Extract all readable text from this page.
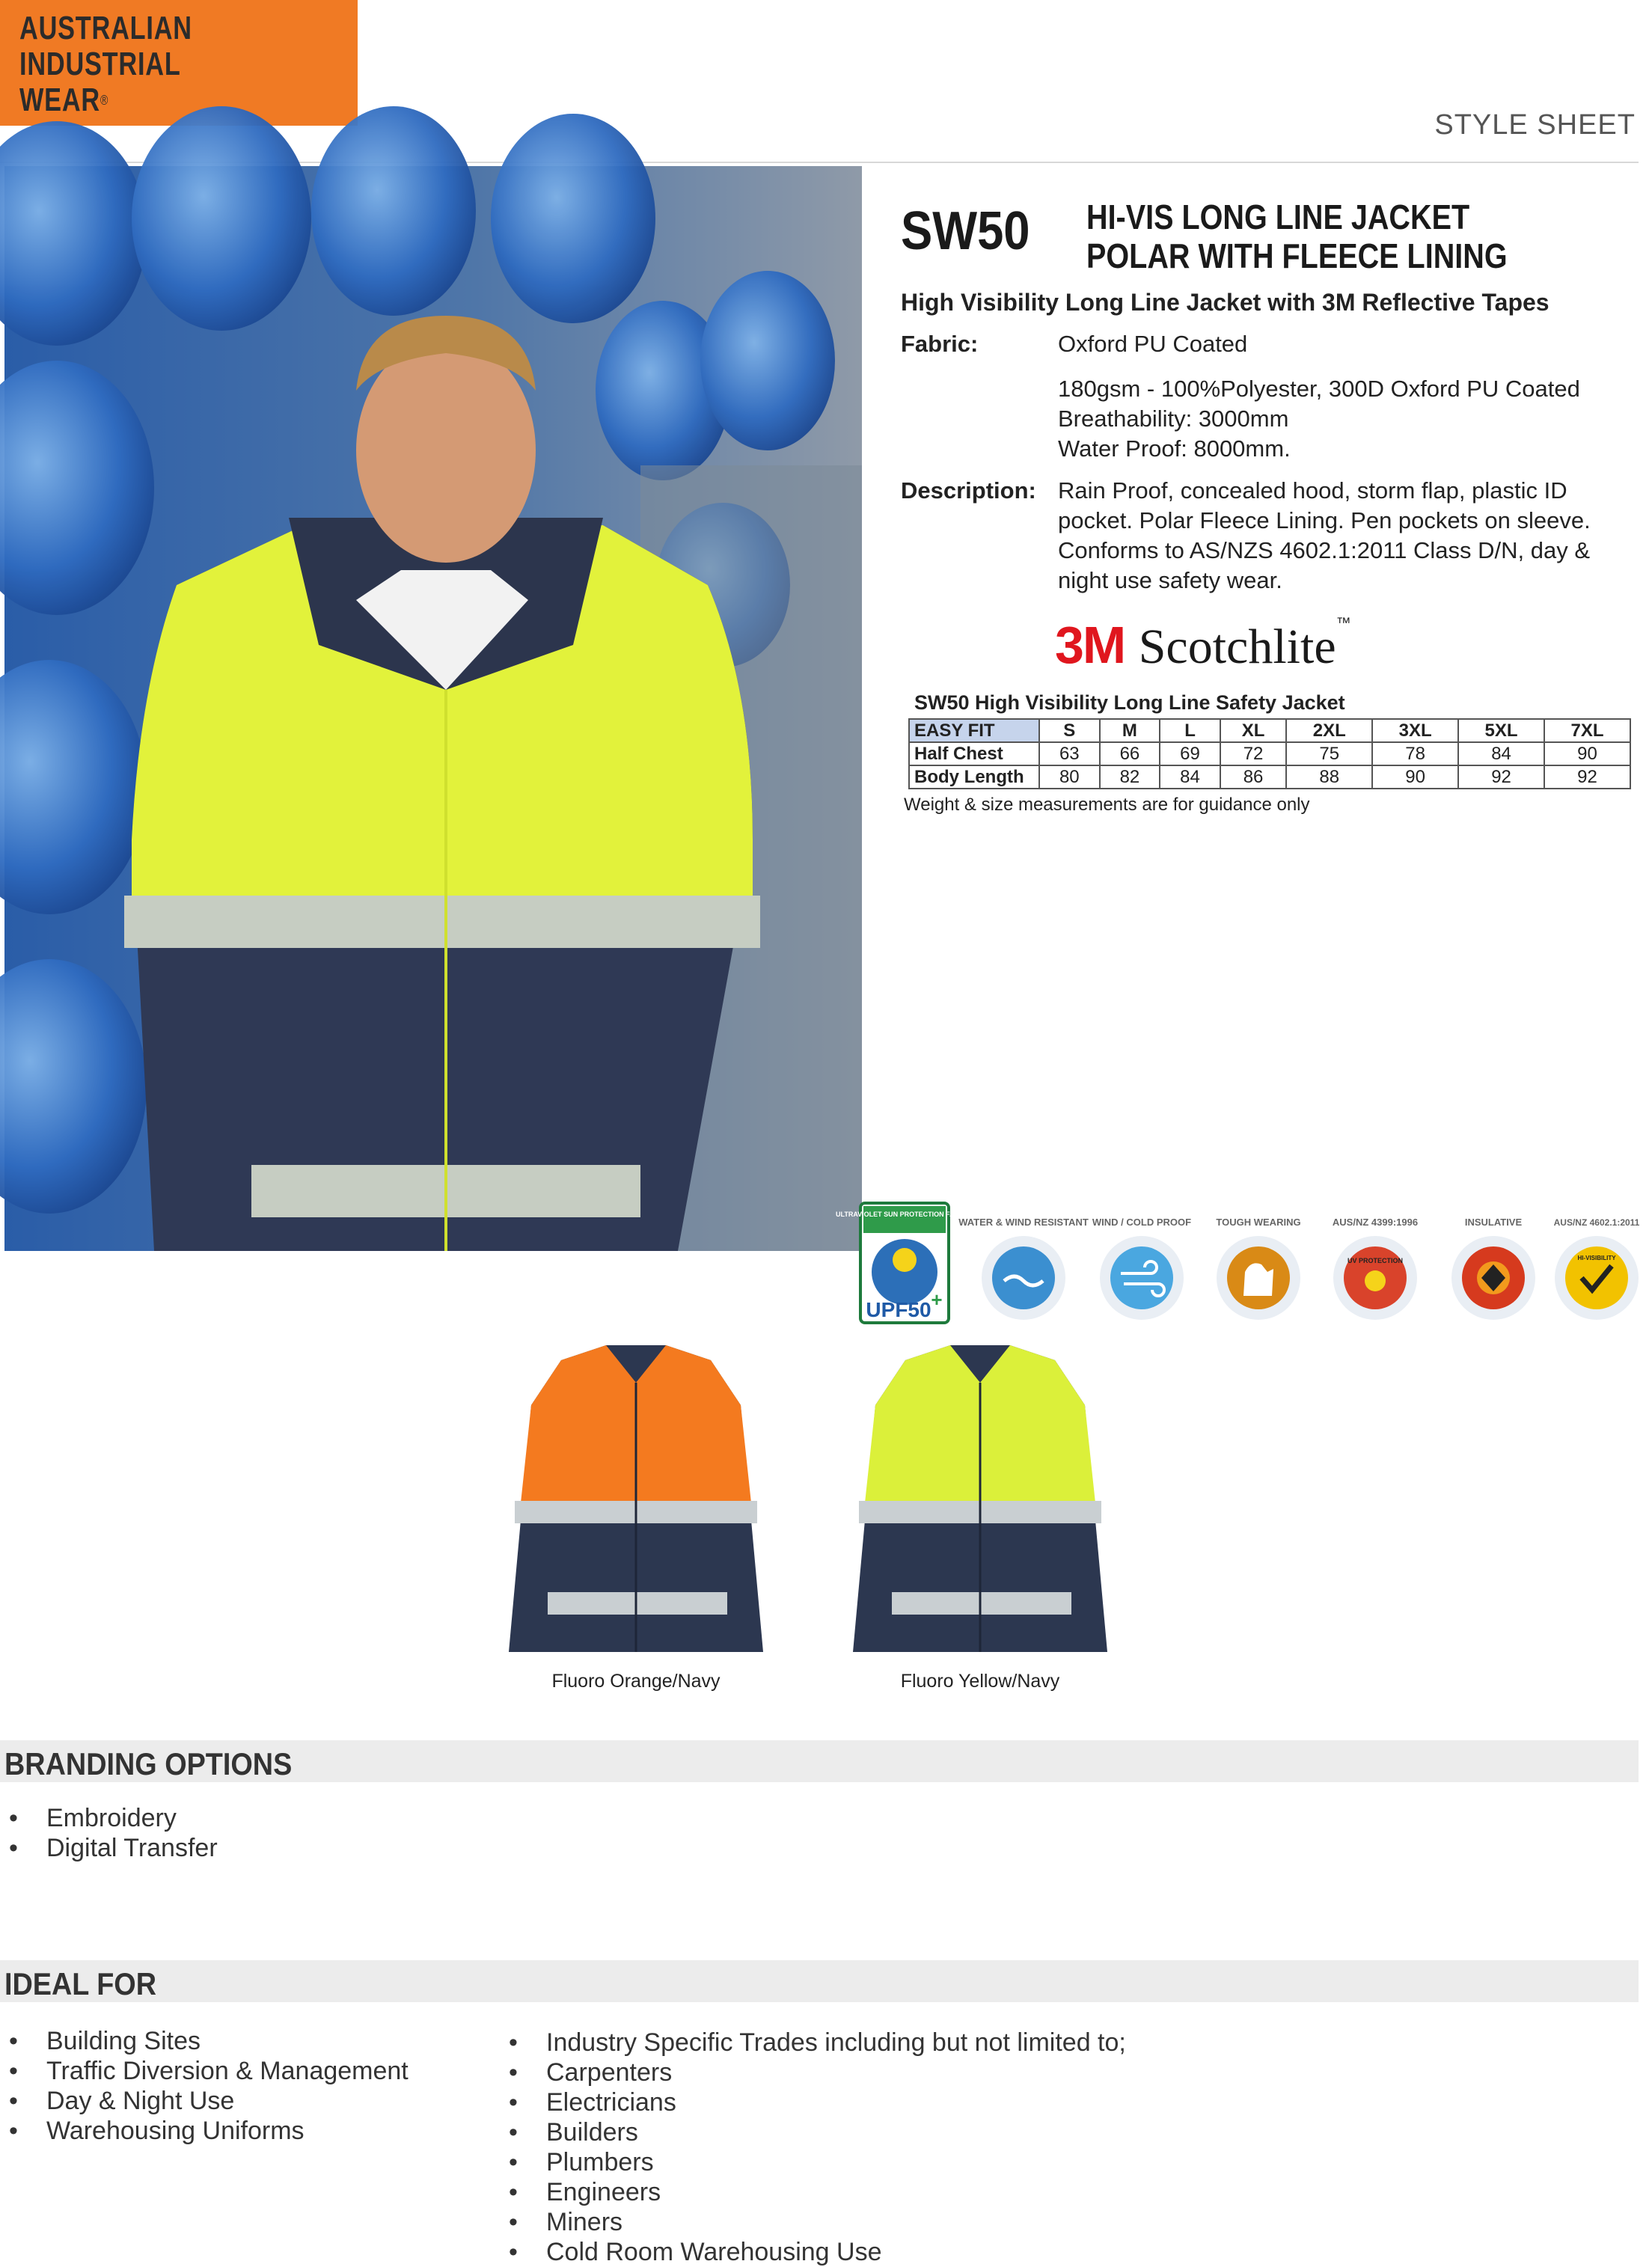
AUSTRALIAN
INDUSTRIAL
WEAR®
STYLE SHEET
SW50 HI-VIS LONG LINE JACKET POLAR WITH FLEECE LINING
High Visibility Long Line Jacket with 3M Reflective Tapes
Fabric:	Oxford PU Coated
180gsm - 100%Polyester, 300D Oxford PU Coated
Breathability: 3000mm
Water Proof: 8000mm.
Description: Rain Proof, concealed hood, storm flap, plastic ID
pocket. Polar Fleece Lining. Pen pockets on sleeve.
Conforms to AS/NZS 4602.1:2011 Class D/N, day &
night use safety wear.
3M Scotchlite™
SW50 High Visibility Long Line Safety Jacket
EASY FIT	S	M	L	XL	2XL	3XL	5XL	7XL
Half Chest	63	66	69	72	75	78	84	90
Body Length	80	82	84	86	88	90	92	92
Weight & size measurements are for guidance only
ULTRAVIOLET SUN PROTECTION FACTOR
UPF50 +
WATER & WIND RESISTANT WIND / COLD PROOF	TOUGH WEARING	AUS/NZ 4399:1996
UV PROTECTION
INSULATIVE	AUS/NZ 4602.1:2011
HI-VISIBILITY
Fluoro Orange/Navy	Fluoro Yellow/Navy
BRANDING OPTIONS
• Embroidery
• Digital Transfer
IDEAL FOR
• Building Sites
• Traffic Diversion & Management
• Day & Night Use
• Warehousing Uniforms
• Industry Specific Trades including but not limited to;
• Carpenters
• Electricians
• Builders
• Plumbers
• Engineers
• Miners
• Cold Room Warehousing Use
